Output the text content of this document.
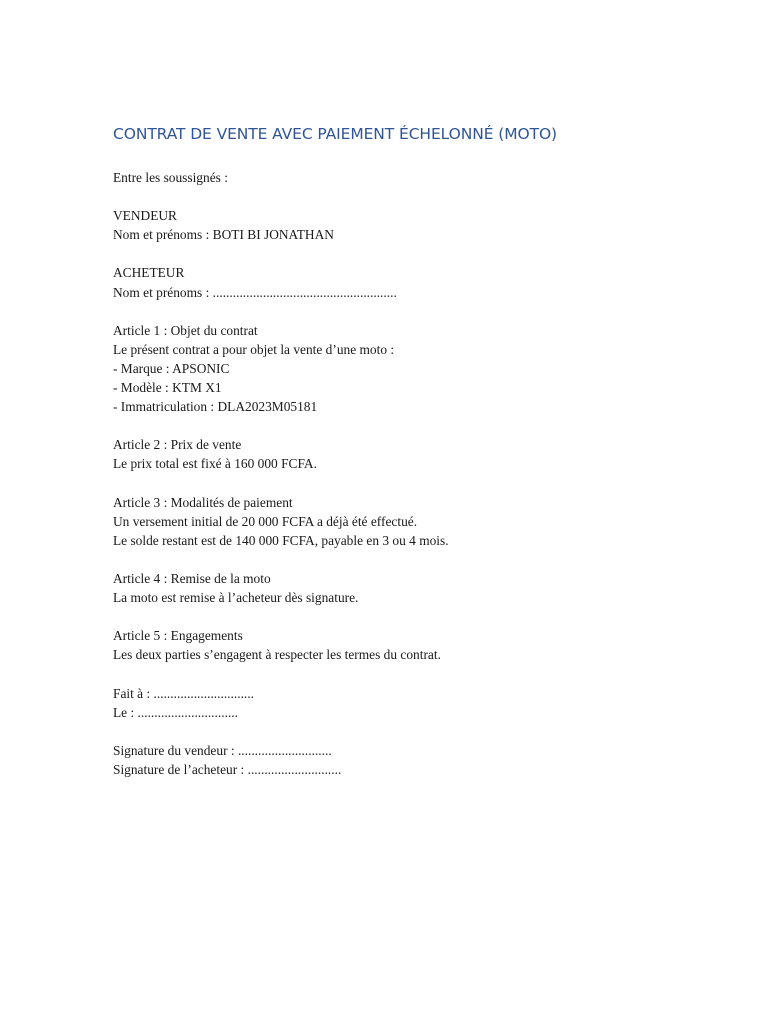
CONTRAT DE VENTE AVEC PAIEMENT ÉCHELONNÉ (MOTO)
Entre les soussignés :
VENDEUR
Nom et prénoms : BOTI BI JONATHAN
ACHETEUR
Nom et prénoms : .......................................................
Article 1 : Objet du contrat
Le présent contrat a pour objet la vente d’une moto :
- Marque : APSONIC
- Modèle : KTM X1
- Immatriculation : DLA2023M05181
Article 2 : Prix de vente
Le prix total est fixé à 160 000 FCFA.
Article 3 : Modalités de paiement
Un versement initial de 20 000 FCFA a déjà été effectué.
Le solde restant est de 140 000 FCFA, payable en 3 ou 4 mois.
Article 4 : Remise de la moto
La moto est remise à l’acheteur dès signature.
Article 5 : Engagements
Les deux parties s’engagent à respecter les termes du contrat.
Fait à : ..............................
Le : ..............................
Signature du vendeur : ............................
Signature de l’acheteur : ............................
